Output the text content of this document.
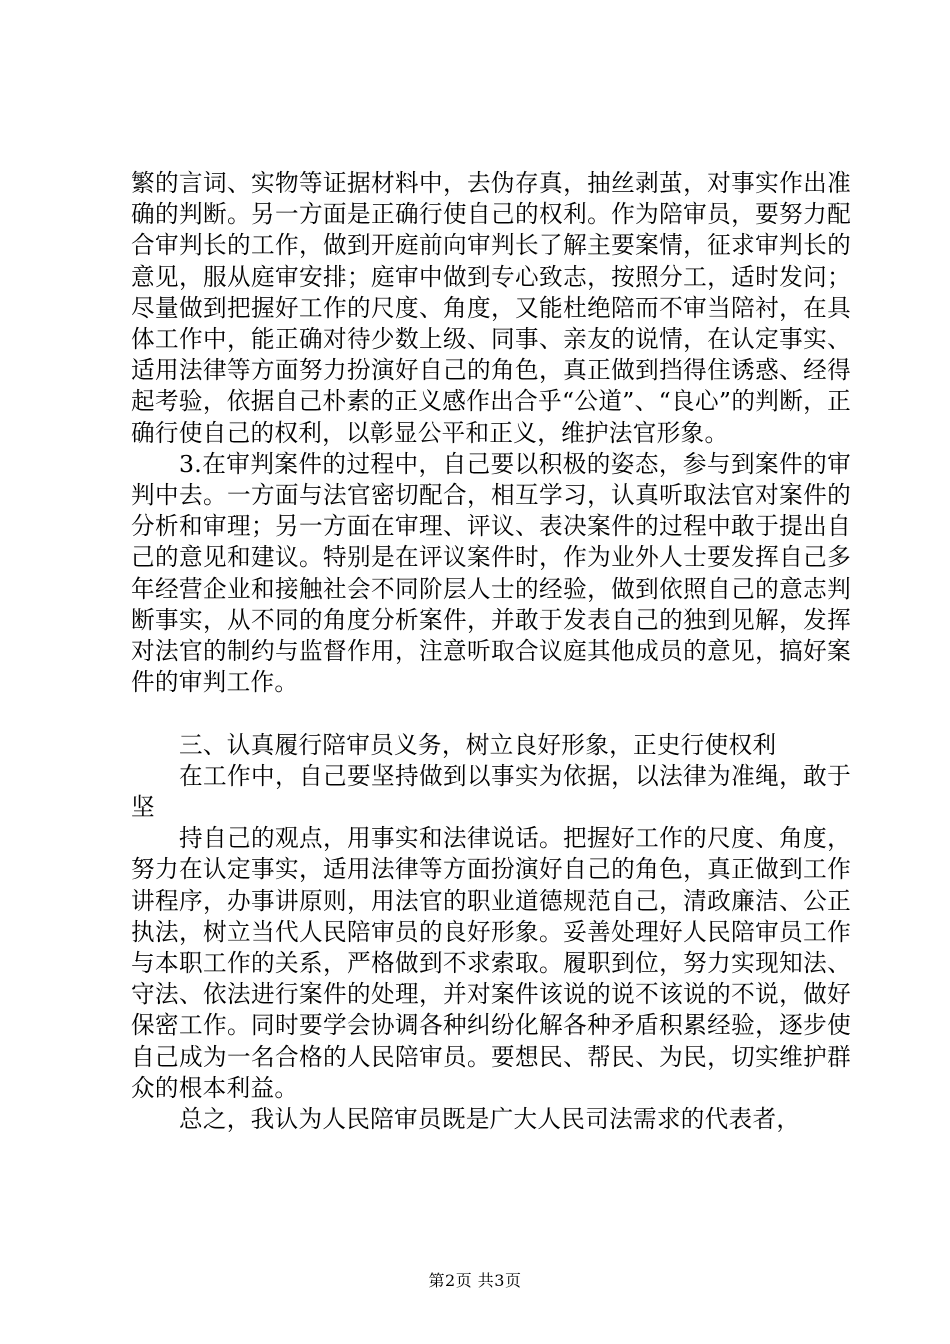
繁的言词、实物等证据材料中，去伪存真，抽丝剥茧，对事实作出准确的判断。另一方面是正确行使自己的权利。作为陪审员，要努力配合审判长的工作，做到开庭前向审判长了解主要案情，征求审判长的意见，服从庭审安排；庭审中做到专心致志，按照分工，适时发问；尽量做到把握好工作的尺度、角度，又能杜绝陪而不审当陪衬，在具体工作中，能正确对待少数上级、同事、亲友的说情，在认定事实、适用法律等方面努力扮演好自己的角色，真正做到挡得住诱惑、经得起考验，依据自己朴素的正义感作出合乎“公道”、“良心”的判断，正确行使自己的权利，以彰显公平和正义，维护法官形象。

3.在审判案件的过程中，自己要以积极的姿态，参与到案件的审判中去。一方面与法官密切配合，相互学习，认真听取法官对案件的分析和审理；另一方面在审理、评议、表决案件的过程中敢于提出自己的意见和建议。特别是在评议案件时，作为业外人士要发挥自己多年经营企业和接触社会不同阶层人士的经验，做到依照自己的意志判断事实，从不同的角度分析案件，并敢于发表自己的独到见解，发挥对法官的制约与监督作用，注意听取合议庭其他成员的意见，搞好案件的审判工作。

三、认真履行陪审员义务，树立良好形象，正史行使权利

在工作中，自己要坚持做到以事实为依据，以法律为准绳，敢于坚

持自己的观点，用事实和法律说话。把握好工作的尺度、角度，努力在认定事实，适用法律等方面扮演好自己的角色，真正做到工作讲程序，办事讲原则，用法官的职业道德规范自己，清政廉洁、公正执法，树立当代人民陪审员的良好形象。妥善处理好人民陪审员工作与本职工作的关系，严格做到不求索取。履职到位，努力实现知法、守法、依法进行案件的处理，并对案件该说的说不该说的不说，做好保密工作。同时要学会协调各种纠纷化解各种矛盾积累经验，逐步使自己成为一名合格的人民陪审员。要想民、帮民、为民，切实维护群众的根本利益。

总之，我认为人民陪审员既是广大人民司法需求的代表者，

第2页 共3页
